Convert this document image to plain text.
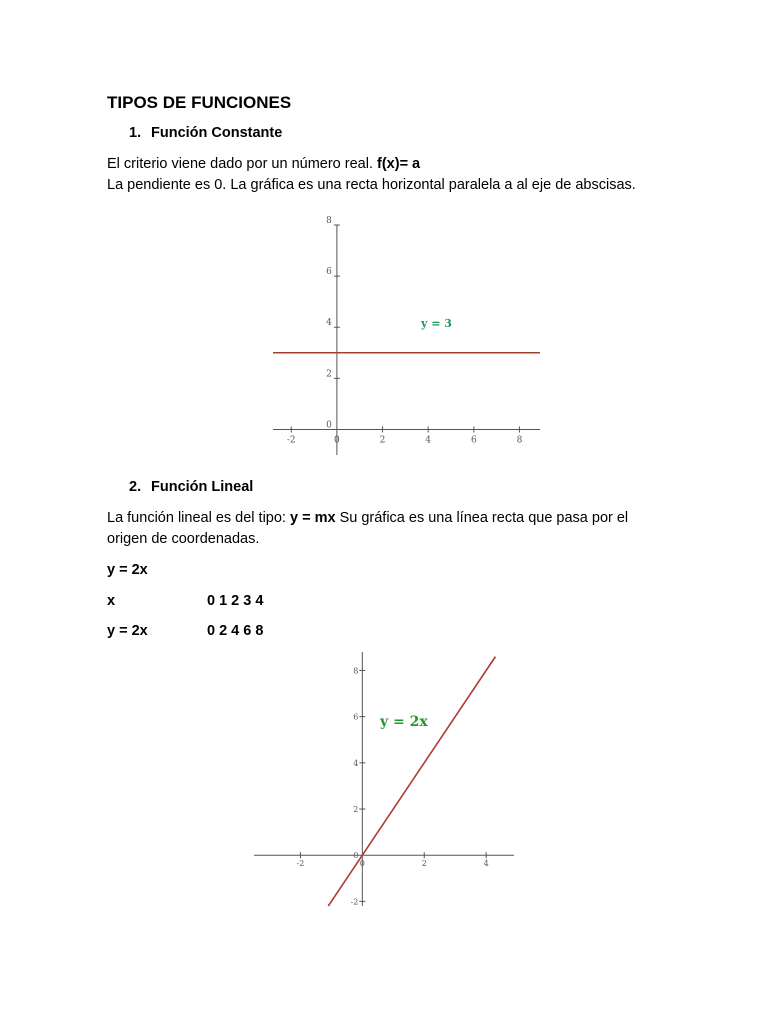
TIPOS DE FUNCIONES
1. Función Constante
El criterio viene dado por un número real. f(x)= a
La pendiente es 0. La gráfica es una recta horizontal paralela a al eje de abscisas.
-2	0	2	4	6	8
0
2
4
6
8
y = 3
2. Función Lineal
La función lineal es del tipo: y = mx Su gráfica es una línea recta que pasa por el
origen de coordenadas.
y = 2x
x	0 1 2 3 4
y = 2x	0 2 4 6 8
-2	0	2	4
-2
0
2
4
6
8
y = 2x
